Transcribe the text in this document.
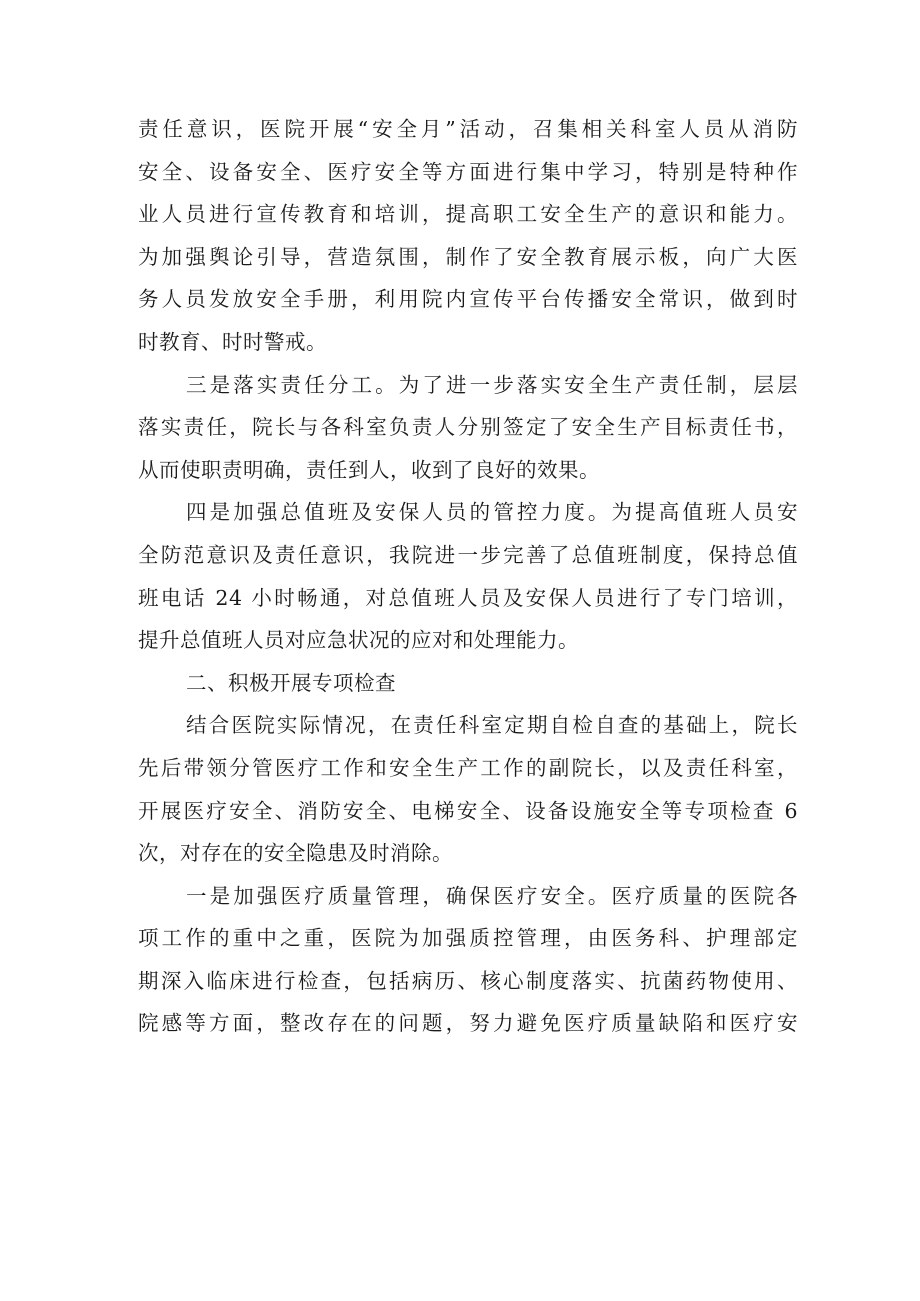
责任意识，医院开展“安全月”活动，召集相关科室人员从消防
安全、设备安全、医疗安全等方面进行集中学习，特别是特种作
业人员进行宣传教育和培训，提高职工安全生产的意识和能力。
为加强舆论引导，营造氛围，制作了安全教育展示板，向广大医
务人员发放安全手册，利用院内宣传平台传播安全常识，做到时
时教育、时时警戒。
三是落实责任分工。为了进一步落实安全生产责任制，层层
落实责任，院长与各科室负责人分别签定了安全生产目标责任书，
从而使职责明确，责任到人，收到了良好的效果。
四是加强总值班及安保人员的管控力度。为提高值班人员安
全防范意识及责任意识，我院进一步完善了总值班制度，保持总值
班电话 24 小时畅通，对总值班人员及安保人员进行了专门培训，
提升总值班人员对应急状况的应对和处理能力。
二、积极开展专项检查
结合医院实际情况，在责任科室定期自检自查的基础上，院长
先后带领分管医疗工作和安全生产工作的副院长，以及责任科室，
开展医疗安全、消防安全、电梯安全、设备设施安全等专项检查 6
次，对存在的安全隐患及时消除。
一是加强医疗质量管理，确保医疗安全。医疗质量的医院各
项工作的重中之重，医院为加强质控管理，由医务科、护理部定
期深入临床进行检查，包括病历、核心制度落实、抗菌药物使用、
院感等方面，整改存在的问题，努力避免医疗质量缺陷和医疗安
